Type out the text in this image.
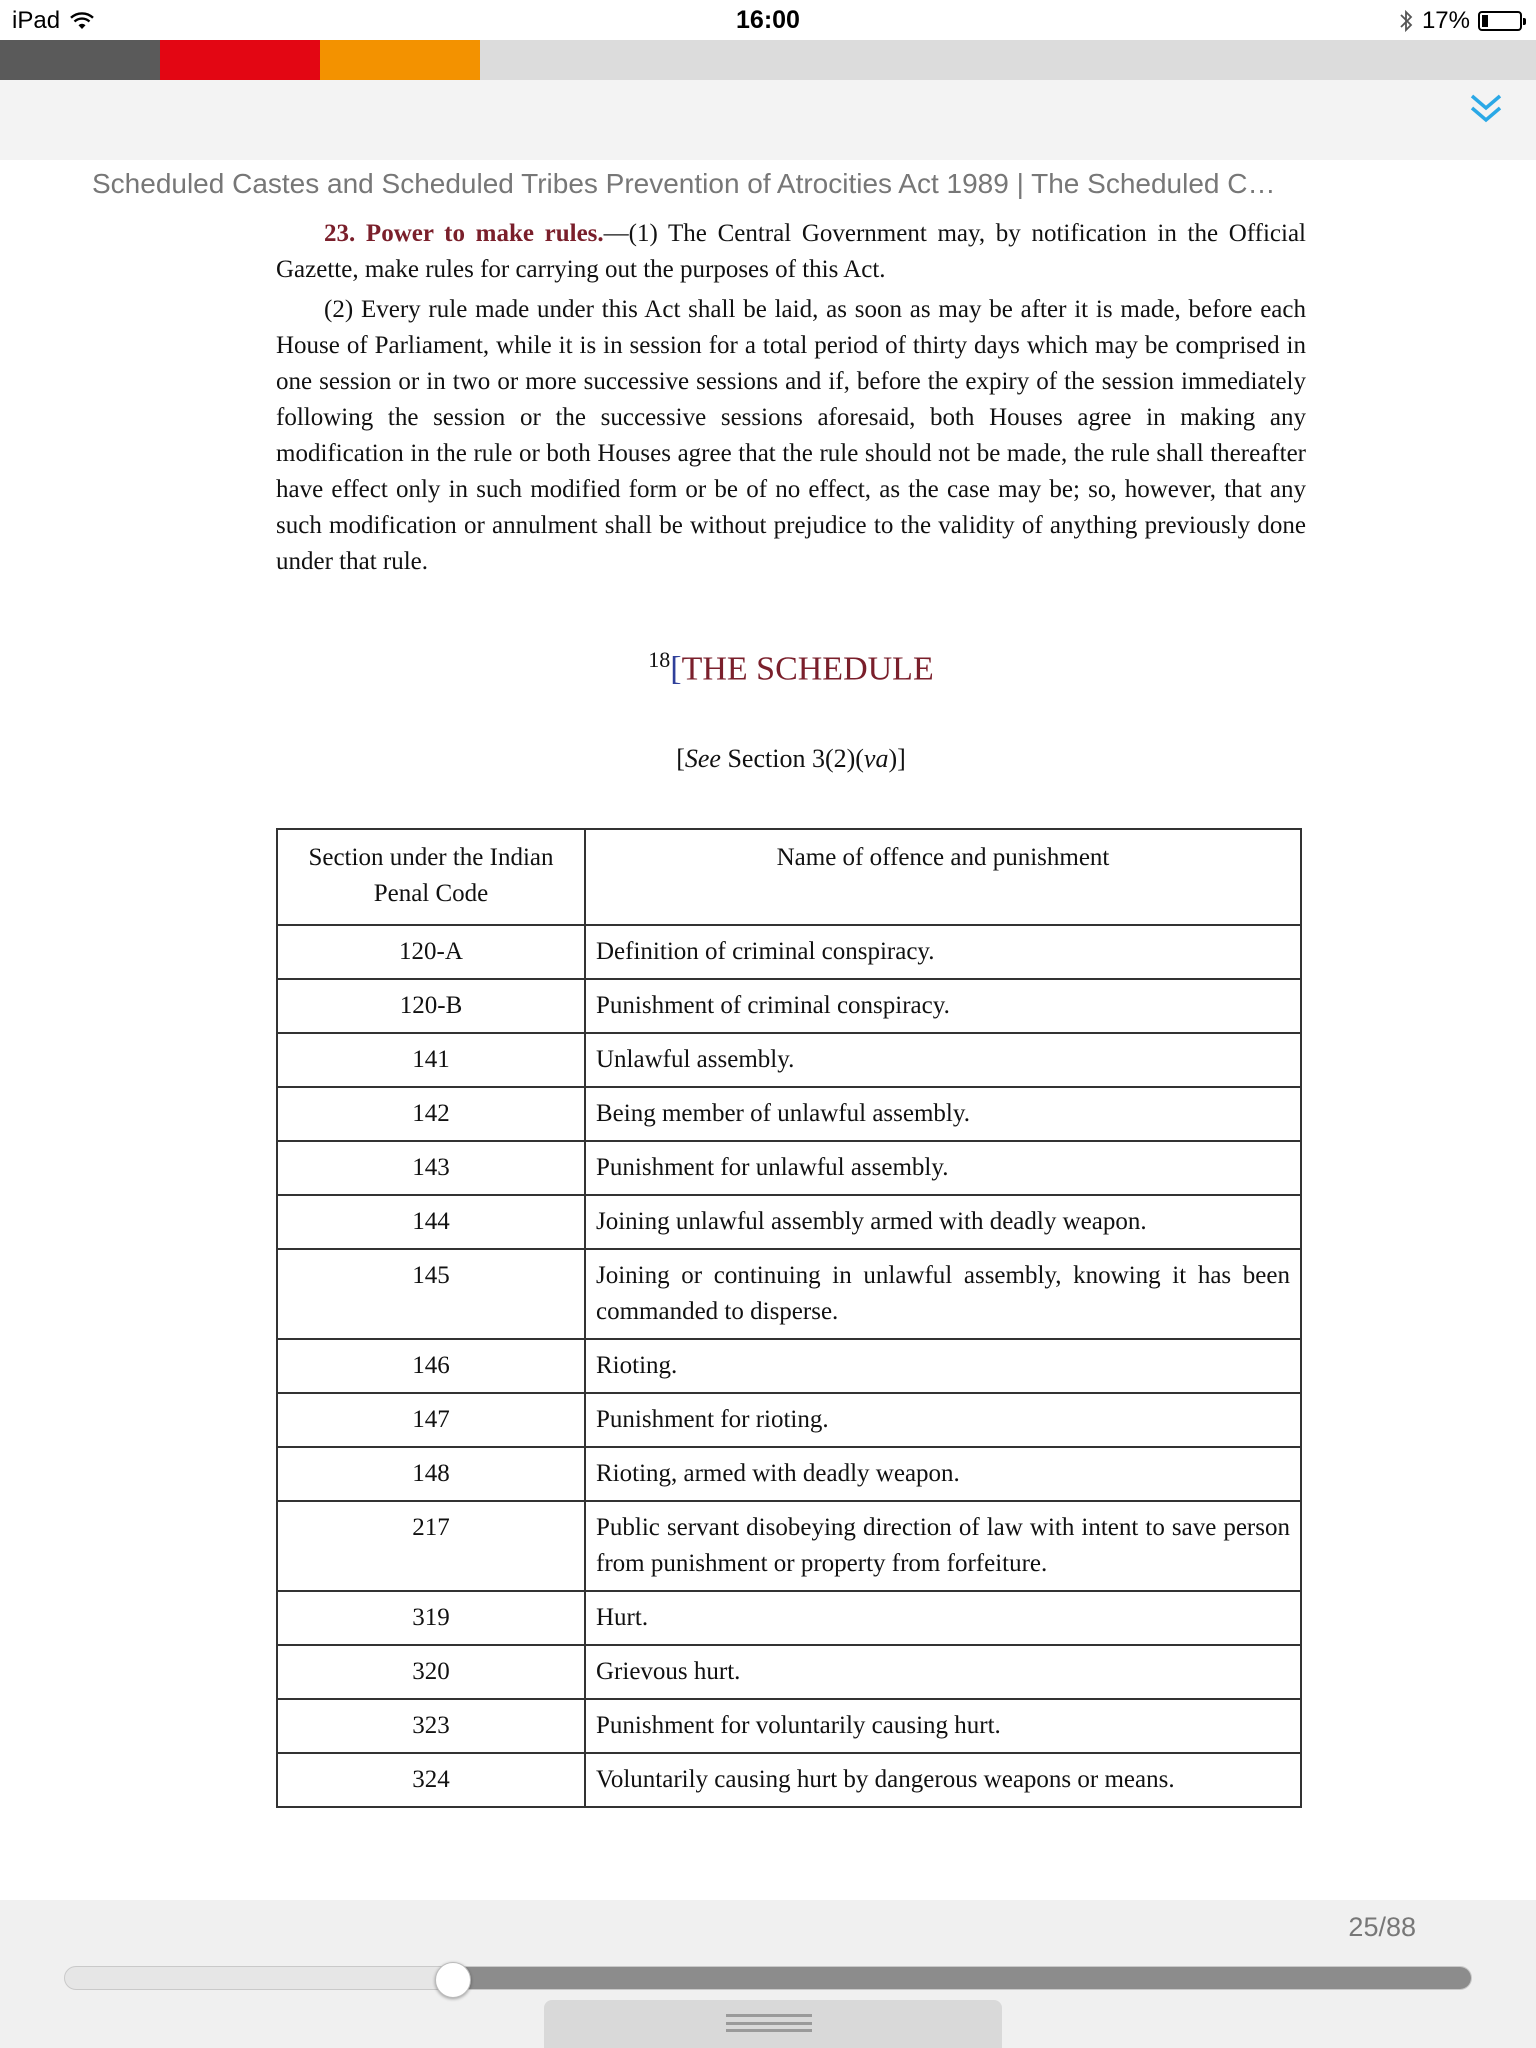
iPad	16:00	17%
Scheduled Castes and Scheduled Tribes Prevention of Atrocities Act 1989 | The Scheduled C…

23. Power to make rules.—(1) The Central Government may, by notification in the Official Gazette, make rules for carrying out the purposes of this Act.

(2) Every rule made under this Act shall be laid, as soon as may be after it is made, before each House of Parliament, while it is in session for a total period of thirty days which may be comprised in one session or in two or more successive sessions and if, before the expiry of the session immediately following the session or the successive sessions aforesaid, both Houses agree in making any modification in the rule or both Houses agree that the rule should not be made, the rule shall thereafter have effect only in such modified form or be of no effect, as the case may be; so, however, that any such modification or annulment shall be without prejudice to the validity of anything previously done under that rule.

$^{18}$[THE SCHEDULE
[See Section 3(2)(va)]
Section under the Indian Penal Code	Name of offence and punishment
120-A	Definition of criminal conspiracy.
120-B	Punishment of criminal conspiracy.
141	Unlawful assembly.
142	Being member of unlawful assembly.
143	Punishment for unlawful assembly.
144	Joining unlawful assembly armed with deadly weapon.
145	Joining or continuing in unlawful assembly, knowing it has been commanded to disperse.
146	Rioting.
147	Punishment for rioting.
148	Rioting, armed with deadly weapon.
217	Public servant disobeying direction of law with intent to save person from punishment or property from forfeiture.
319	Hurt.
320	Grievous hurt.
323	Punishment for voluntarily causing hurt.
324	Voluntarily causing hurt by dangerous weapons or means.
25/88
